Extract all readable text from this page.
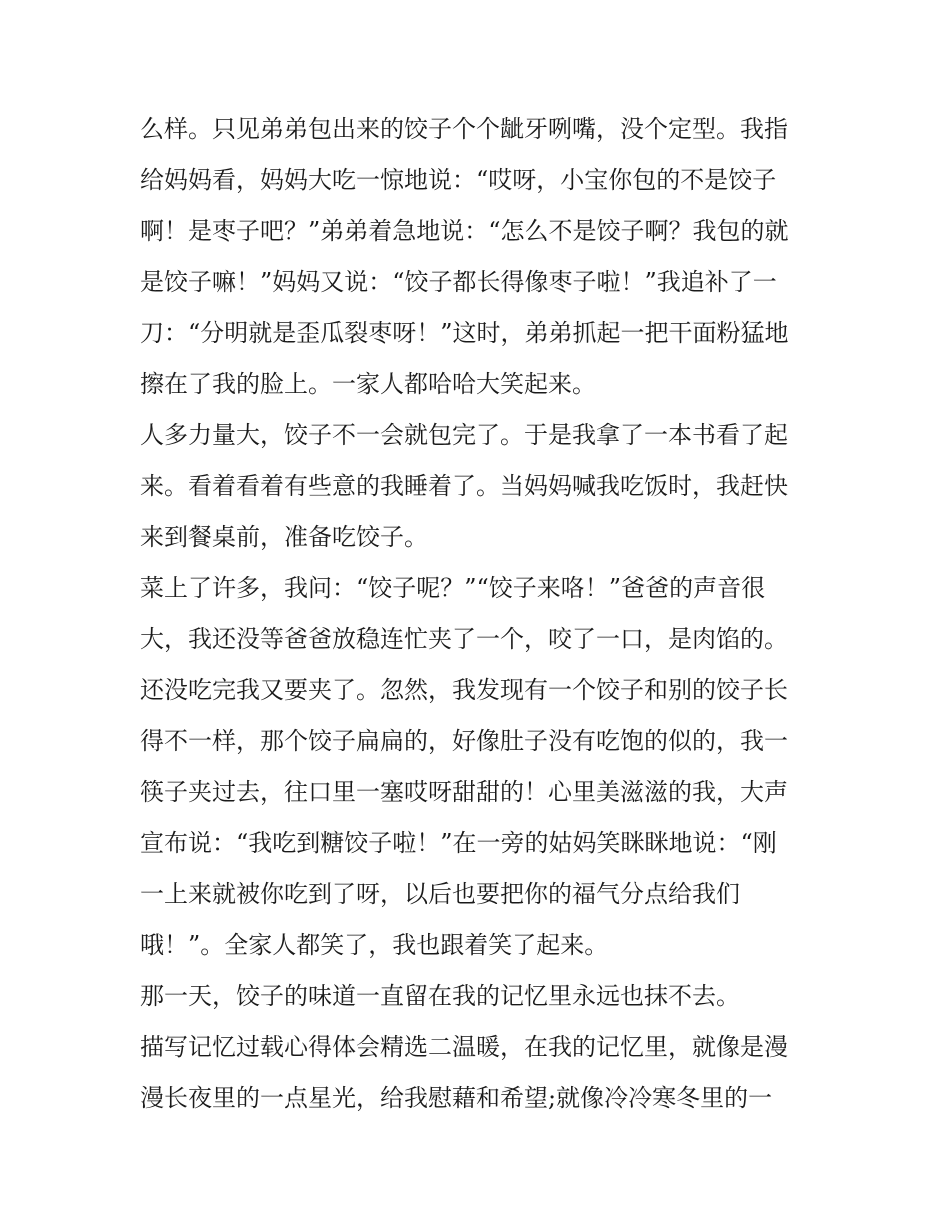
么样。只见弟弟包出来的饺子个个龇牙咧嘴，没个定型。我指
给妈妈看，妈妈大吃一惊地说：“哎呀，小宝你包的不是饺子
啊！是枣子吧？”弟弟着急地说：“怎么不是饺子啊？我包的就
是饺子嘛！”妈妈又说：“饺子都长得像枣子啦！”我追补了一
刀：“分明就是歪瓜裂枣呀！”这时，弟弟抓起一把干面粉猛地
擦在了我的脸上。一家人都哈哈大笑起来。
人多力量大，饺子不一会就包完了。于是我拿了一本书看了起
来。看着看着有些意的我睡着了。当妈妈喊我吃饭时，我赶快
来到餐桌前，准备吃饺子。
菜上了许多，我问：“饺子呢？”“饺子来咯！”爸爸的声音很
大，我还没等爸爸放稳连忙夹了一个，咬了一口，是肉馅的。
还没吃完我又要夹了。忽然，我发现有一个饺子和别的饺子长
得不一样，那个饺子扁扁的，好像肚子没有吃饱的似的，我一
筷子夹过去，往口里一塞哎呀甜甜的！心里美滋滋的我，大声
宣布说：“我吃到糖饺子啦！”在一旁的姑妈笑眯眯地说：“刚
一上来就被你吃到了呀，以后也要把你的福气分点给我们
哦！”。全家人都笑了，我也跟着笑了起来。
那一天，饺子的味道一直留在我的记忆里永远也抹不去。
描写记忆过载心得体会精选二温暖，在我的记忆里，就像是漫
漫长夜里的一点星光，给我慰藉和希望;就像冷冷寒冬里的一
